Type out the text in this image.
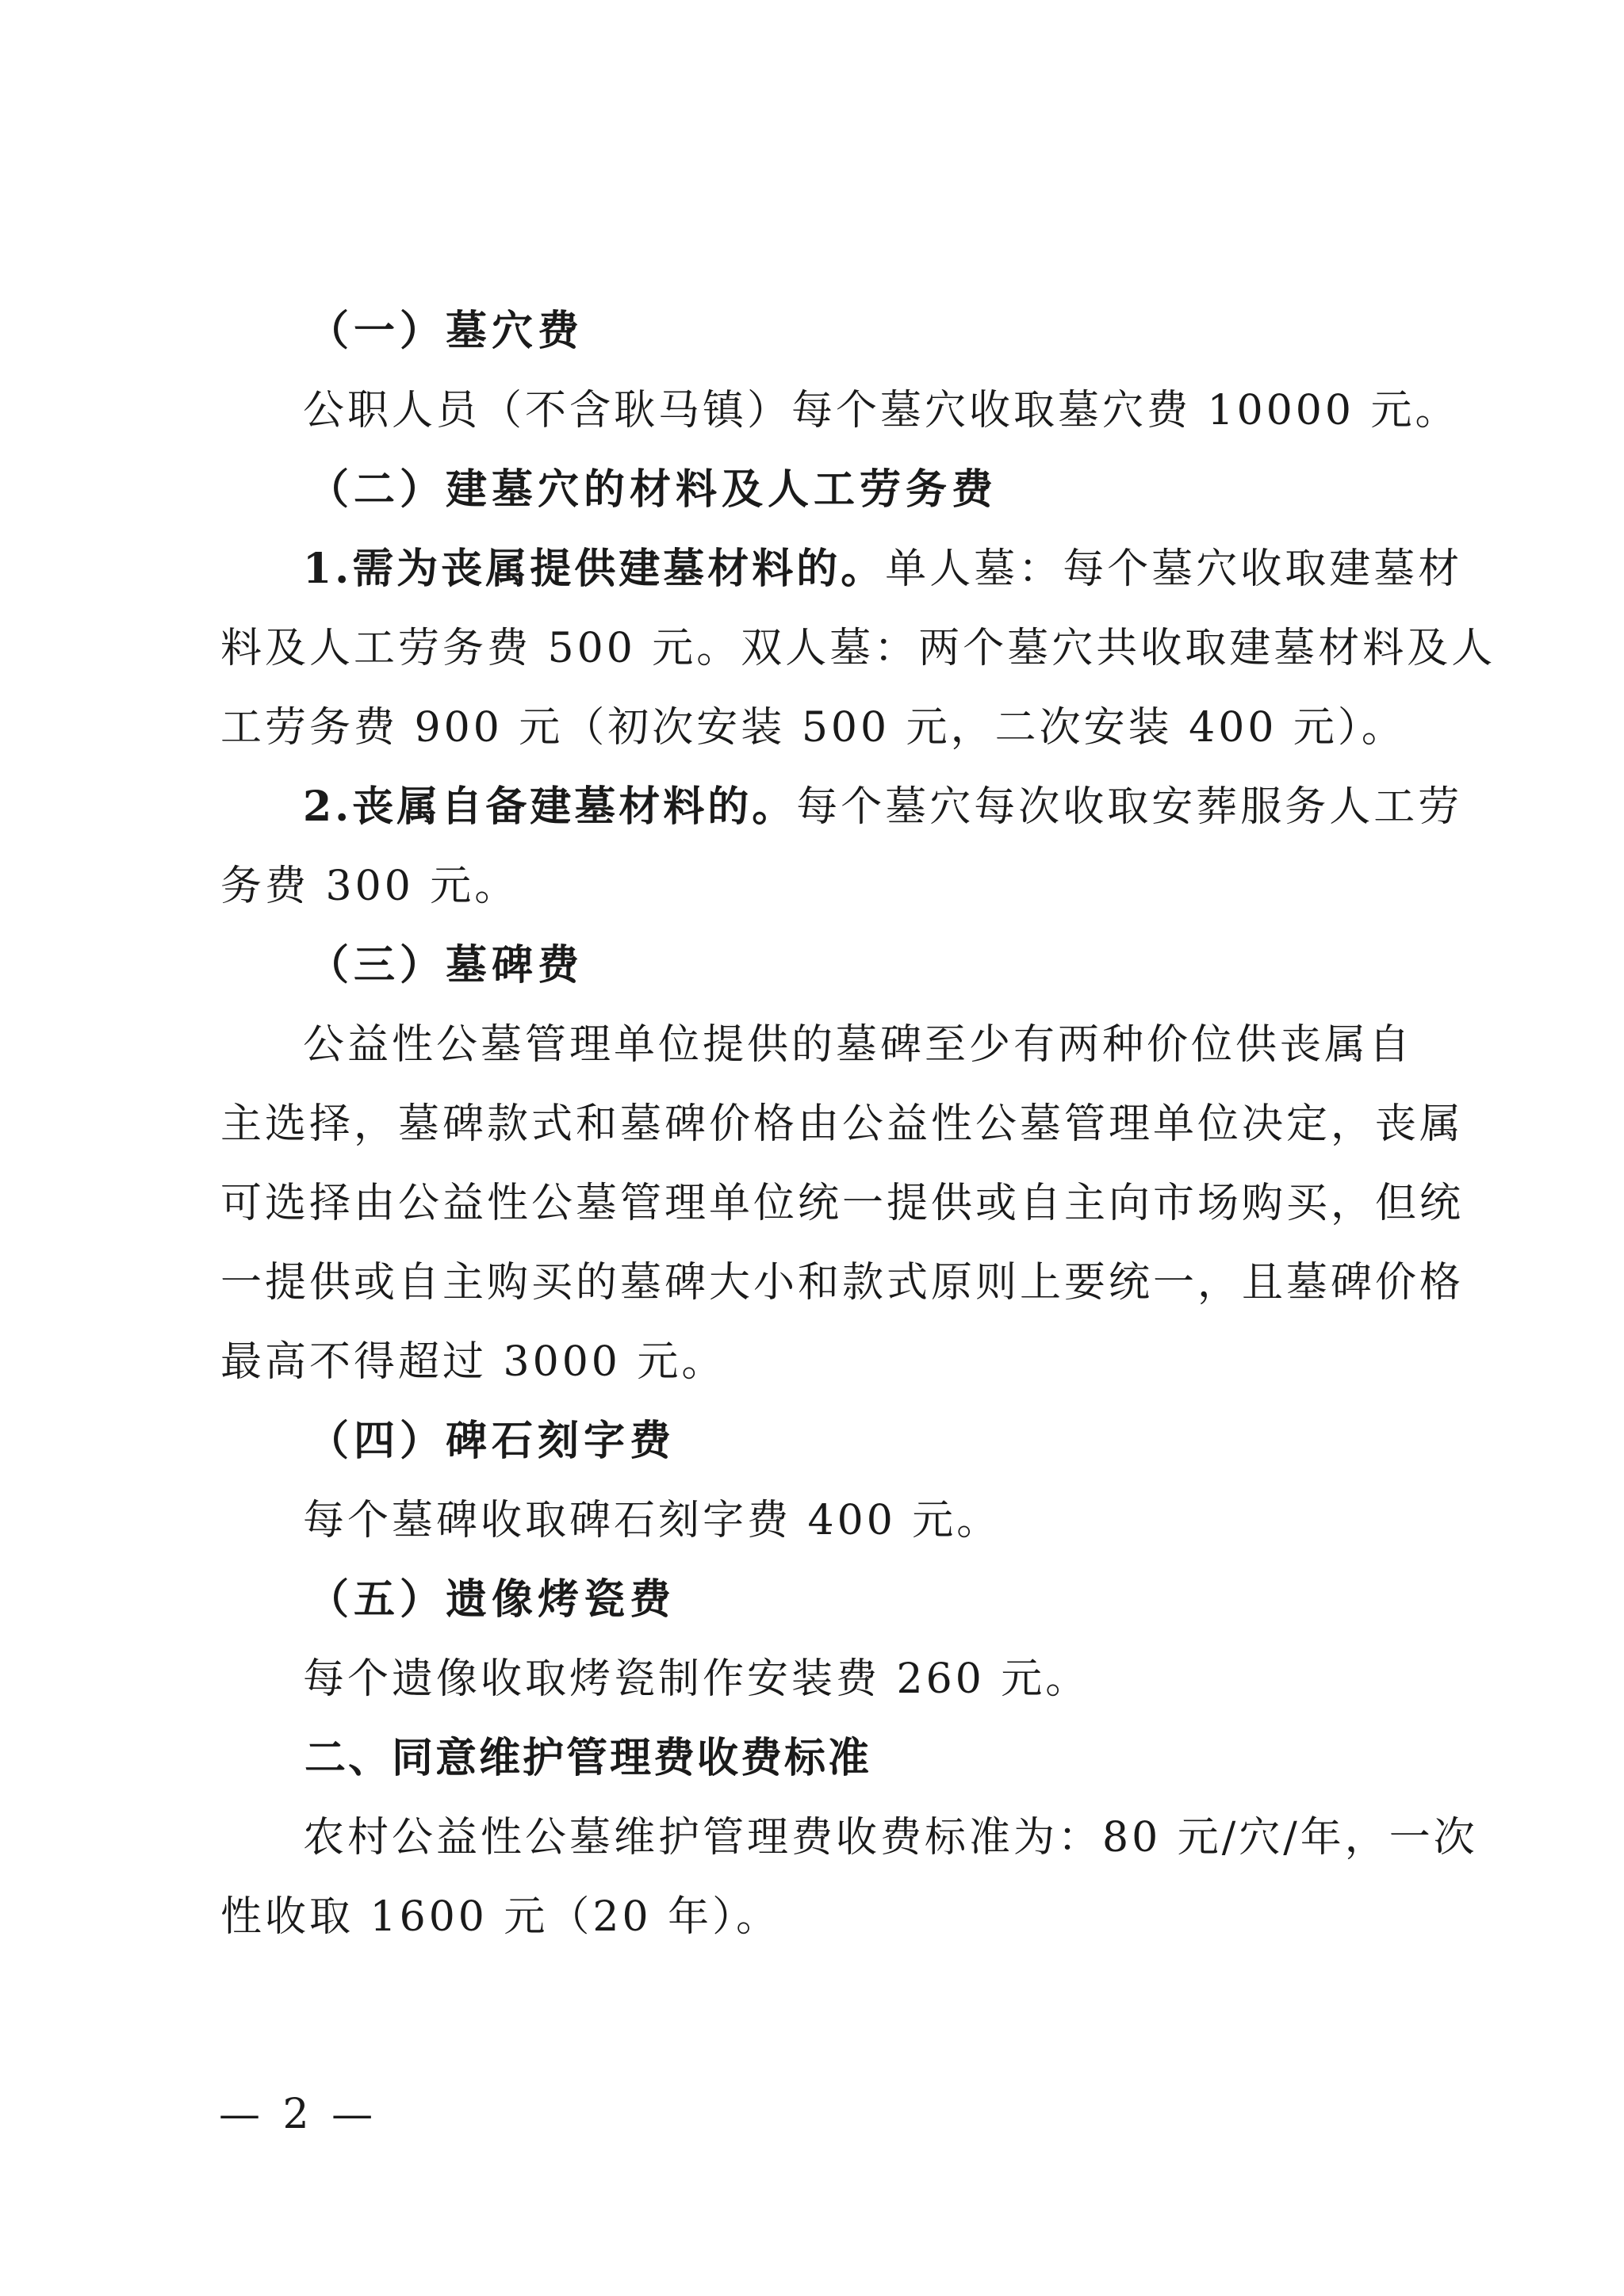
（一）墓穴费
公职人员（不含耿马镇）每个墓穴收取墓穴费 10000 元。
（二）建墓穴的材料及人工劳务费
1.需为丧属提供建墓材料的。单人墓：每个墓穴收取建墓材
料及人工劳务费 500 元。双人墓：两个墓穴共收取建墓材料及人
工劳务费 900 元（初次安装 500 元，二次安装 400 元）。
2.丧属自备建墓材料的。每个墓穴每次收取安葬服务人工劳
务费 300 元。
（三）墓碑费
公益性公墓管理单位提供的墓碑至少有两种价位供丧属自
主选择，墓碑款式和墓碑价格由公益性公墓管理单位决定，丧属
可选择由公益性公墓管理单位统一提供或自主向市场购买，但统
一提供或自主购买的墓碑大小和款式原则上要统一，且墓碑价格
最高不得超过 3000 元。
（四）碑石刻字费
每个墓碑收取碑石刻字费 400 元。
（五）遗像烤瓷费
每个遗像收取烤瓷制作安装费 260 元。
二、同意维护管理费收费标准
农村公益性公墓维护管理费收费标准为：80 元/穴/年，一次
性收取 1600 元（20 年）。
— 2 —
